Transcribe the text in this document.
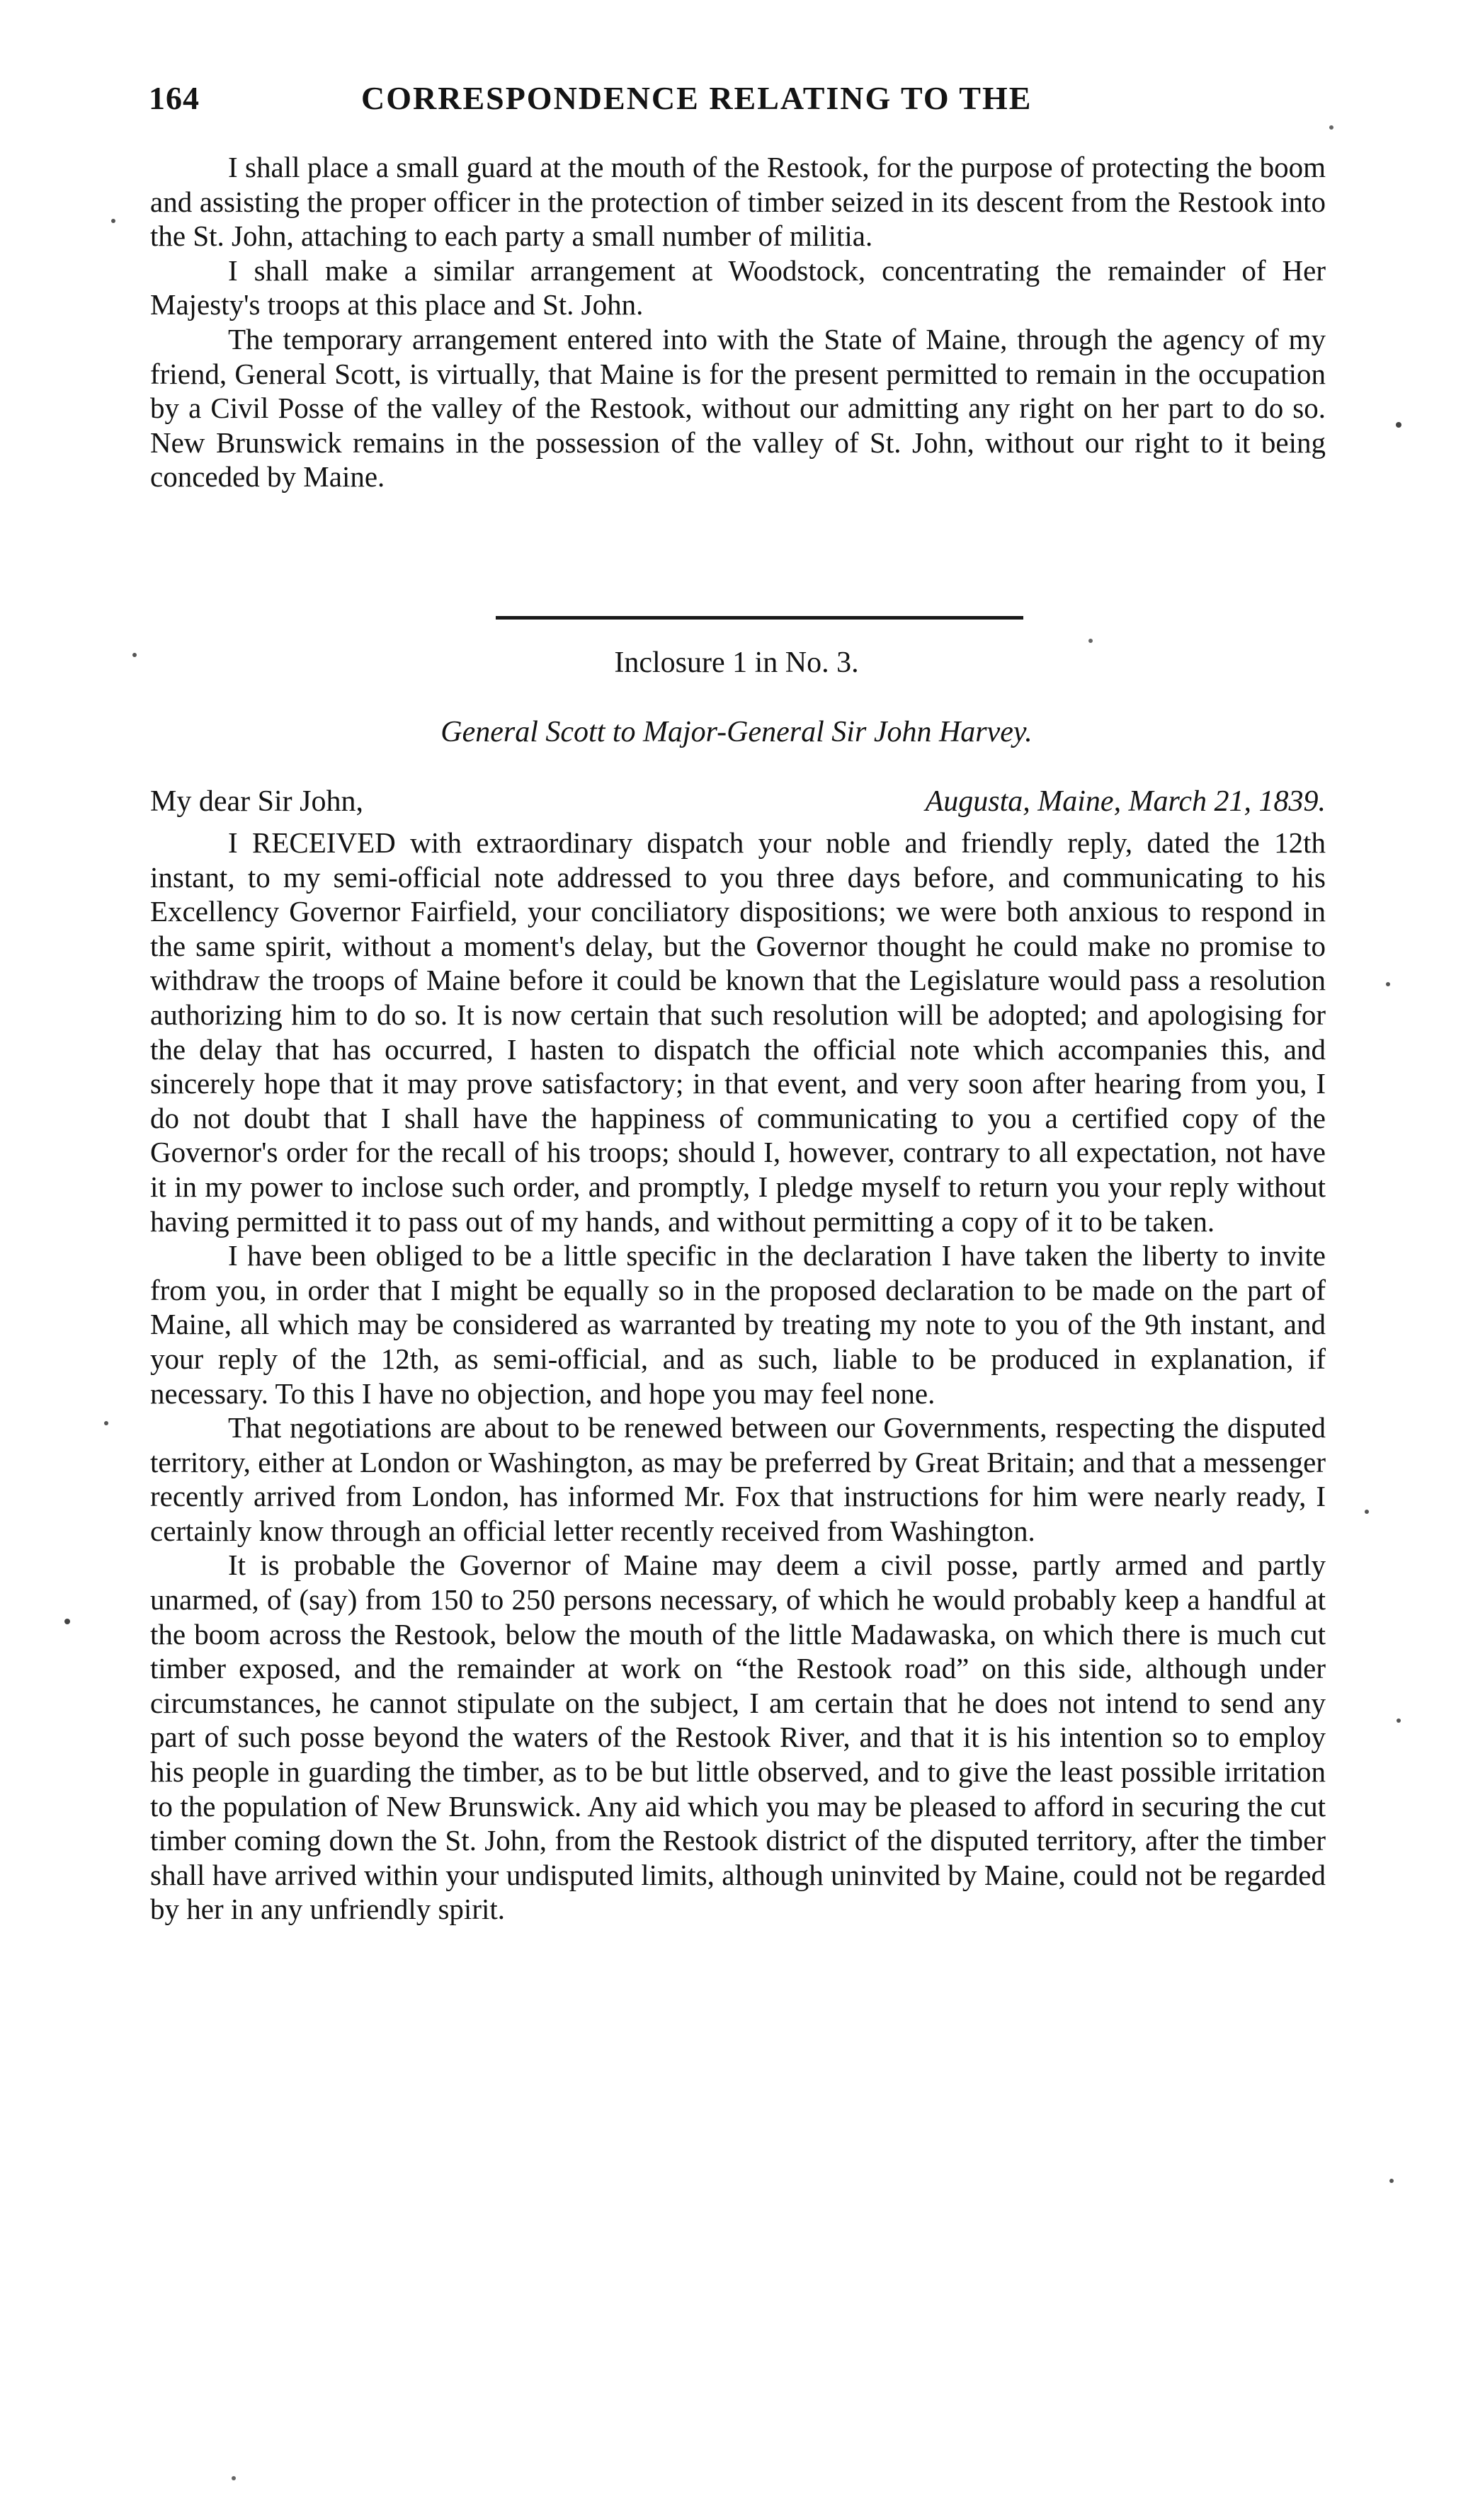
164	CORRESPONDENCE RELATING TO THE

I shall place a small guard at the mouth of the Restook, for the purpose of protecting the boom and assisting the proper officer in the protection of timber seized in its descent from the Restook into the St. John, attaching to each party a small number of militia.

I shall make a similar arrangement at Woodstock, concentrating the remainder of Her Majesty's troops at this place and St. John.

The temporary arrangement entered into with the State of Maine, through the agency of my friend, General Scott, is virtually, that Maine is for the present permitted to remain in the occupation by a Civil Posse of the valley of the Restook, without our admitting any right on her part to do so. New Brunswick remains in the possession of the valley of St. John, without our right to it being conceded by Maine.

Inclosure 1 in No. 3.
General Scott to Major-General Sir John Harvey.
My dear Sir John,	Augusta, Maine, March 21, 1839.

I RECEIVED with extraordinary dispatch your noble and friendly reply, dated the 12th instant, to my semi-official note addressed to you three days before, and communicating to his Excellency Governor Fairfield, your conciliatory dispositions; we were both anxious to respond in the same spirit, without a moment's delay, but the Governor thought he could make no promise to withdraw the troops of Maine before it could be known that the Legislature would pass a resolution authorizing him to do so. It is now certain that such resolution will be adopted; and apologising for the delay that has occurred, I hasten to dispatch the official note which accompanies this, and sincerely hope that it may prove satisfactory; in that event, and very soon after hearing from you, I do not doubt that I shall have the happiness of communicating to you a certified copy of the Governor's order for the recall of his troops; should I, however, contrary to all expectation, not have it in my power to inclose such order, and promptly, I pledge myself to return you your reply without having permitted it to pass out of my hands, and without permitting a copy of it to be taken.

I have been obliged to be a little specific in the declaration I have taken the liberty to invite from you, in order that I might be equally so in the proposed declaration to be made on the part of Maine, all which may be considered as warranted by treating my note to you of the 9th instant, and your reply of the 12th, as semi-official, and as such, liable to be produced in explanation, if necessary. To this I have no objection, and hope you may feel none.

That negotiations are about to be renewed between our Governments, respecting the disputed territory, either at London or Washington, as may be preferred by Great Britain; and that a messenger recently arrived from London, has informed Mr. Fox that instructions for him were nearly ready, I certainly know through an official letter recently received from Washington.

It is probable the Governor of Maine may deem a civil posse, partly armed and partly unarmed, of (say) from 150 to 250 persons necessary, of which he would probably keep a handful at the boom across the Restook, below the mouth of the little Madawaska, on which there is much cut timber exposed, and the remainder at work on “the Restook road” on this side, although under circumstances, he cannot stipulate on the subject, I am certain that he does not intend to send any part of such posse beyond the waters of the Restook River, and that it is his intention so to employ his people in guarding the timber, as to be but little observed, and to give the least possible irritation to the population of New Brunswick. Any aid which you may be pleased to afford in securing the cut timber coming down the St. John, from the Restook district of the disputed territory, after the timber shall have arrived within your undisputed limits, although uninvited by Maine, could not be regarded by her in any unfriendly spirit.
